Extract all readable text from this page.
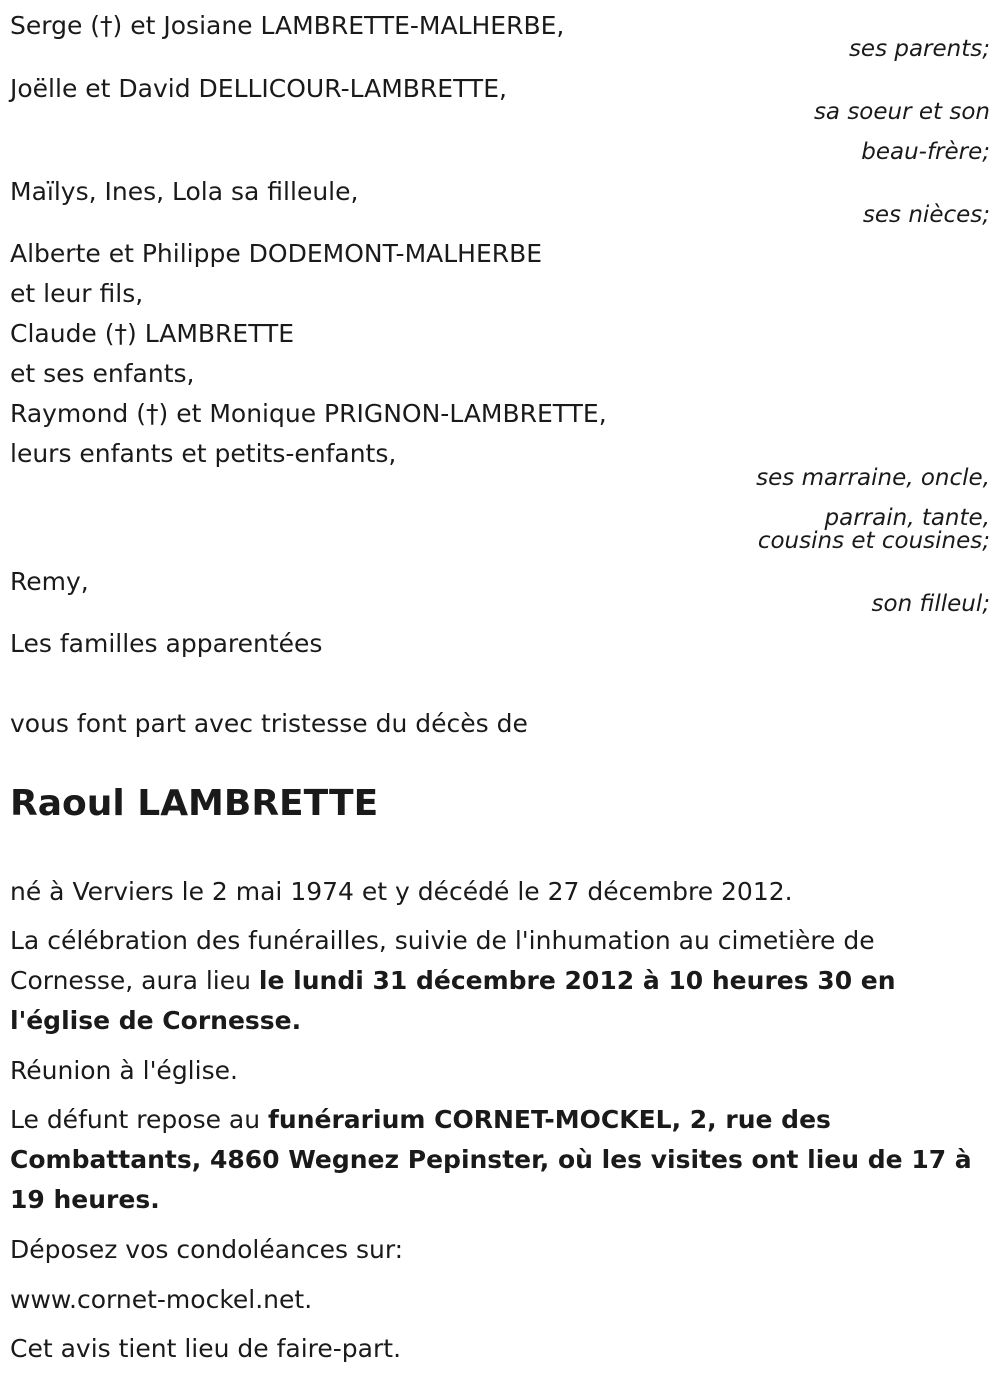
Serge (†) et Josiane LAMBRETTE-MALHERBE,
ses parents;
Joëlle et David DELLICOUR-LAMBRETTE,
sa soeur et son
beau-frère;
Maïlys, Ines, Lola sa filleule,
ses nièces;
Alberte et Philippe DODEMONT-MALHERBE
et leur fils,
Claude (†) LAMBRETTE
et ses enfants,
Raymond (†) et Monique PRIGNON-LAMBRETTE,
leurs enfants et petits-enfants,
ses marraine, oncle,
parrain, tante,
cousins et cousines;
Remy,
son filleul;
Les familles apparentées
vous font part avec tristesse du décès de
Raoul LAMBRETTE
né à Verviers le 2 mai 1974 et y décédé le 27 décembre 2012.
La célébration des funérailles, suivie de l'inhumation au cimetière de Cornesse, aura lieu le lundi 31 décembre 2012 à 10 heures 30 en l'église de Cornesse.
Réunion à l'église.
Le défunt repose au funérarium CORNET-MOCKEL, 2, rue des Combattants, 4860 Wegnez Pepinster, où les visites ont lieu de 17 à 19 heures.
Déposez vos condoléances sur:
www.cornet-mockel.net.
Cet avis tient lieu de faire-part.
